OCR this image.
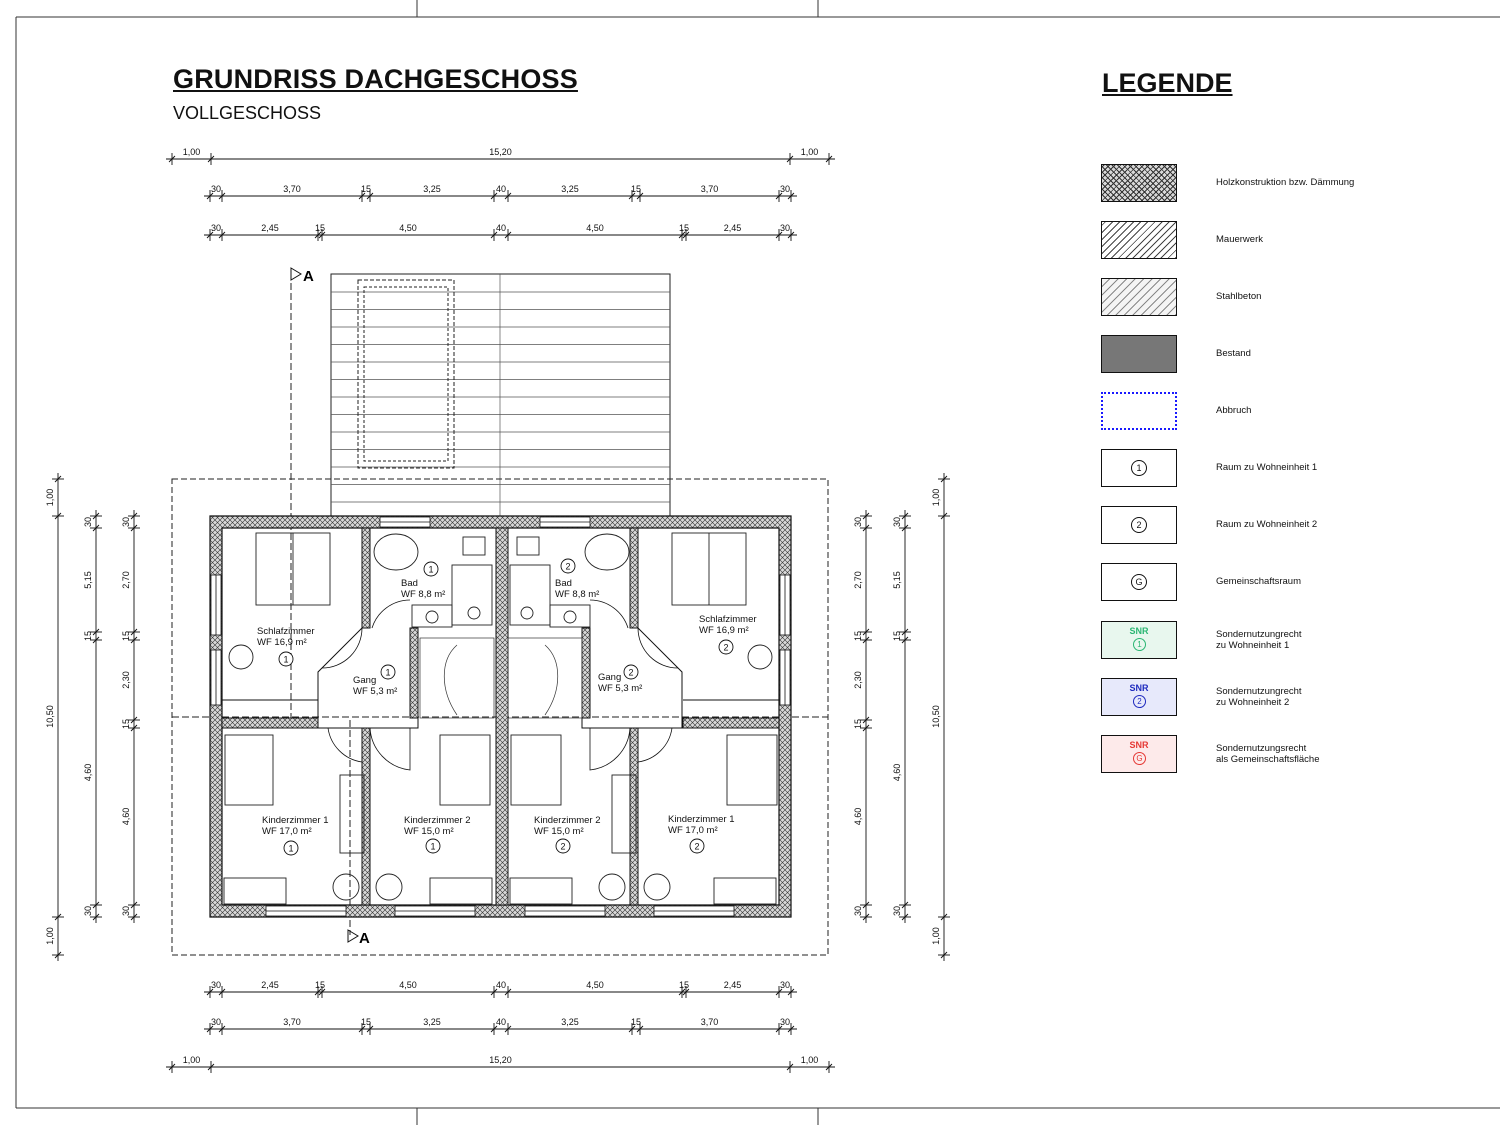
GRUNDRISS DACHGESCHOSS
VOLLGESCHOSS
LEGENDE
Holzkonstruktion bzw. Dämmung
Mauerwerk
Stahlbeton
Bestand
Abbruch
1	Raum zu Wohneinheit 1
2	Raum zu Wohneinheit 2
G	Gemeinschaftsraum
SNR
1
Sondernutzungrecht
zu Wohneinheit 1
SNR
2
Sondernutzungrecht
zu Wohneinheit 2
SNR
G
Sondernutzungsrecht
als Gemeinschaftsfläche
A
A
1,00	15,20	1,00
30	3,70	15	3,25	40	3,25	15	3,70	30
30	2,45	15	4,50	40	4,50	15	2,45	30
30	2,45	15	4,50	40	4,50	15	2,45	30
30	3,70	15	3,25	40	3,25	15	3,70	30
1,00	15,20	1,00
1,00
10,50
1,00
30
5,15
15
4,60
30
30
2,70
15
2,30
15
4,60
30
30
2,70
15
2,30
15
4,60
30
30
5,15
15
4,60
30
1,00
10,50
1,00
Schlafzimmer
WF 16,9 m²
1
Bad
WF 8,8 m²
1
Gang
WF 5,3 m²
1
Kinderzimmer 1
WF 17,0 m²
1
Kinderzimmer 2
WF 15,0 m²
1
Bad
WF 8,8 m²
2
Gang
WF 5,3 m²
2
Schlafzimmer
WF 16,9 m²
2
Kinderzimmer 2
WF 15,0 m²
2
Kinderzimmer 1
WF 17,0 m²
2
